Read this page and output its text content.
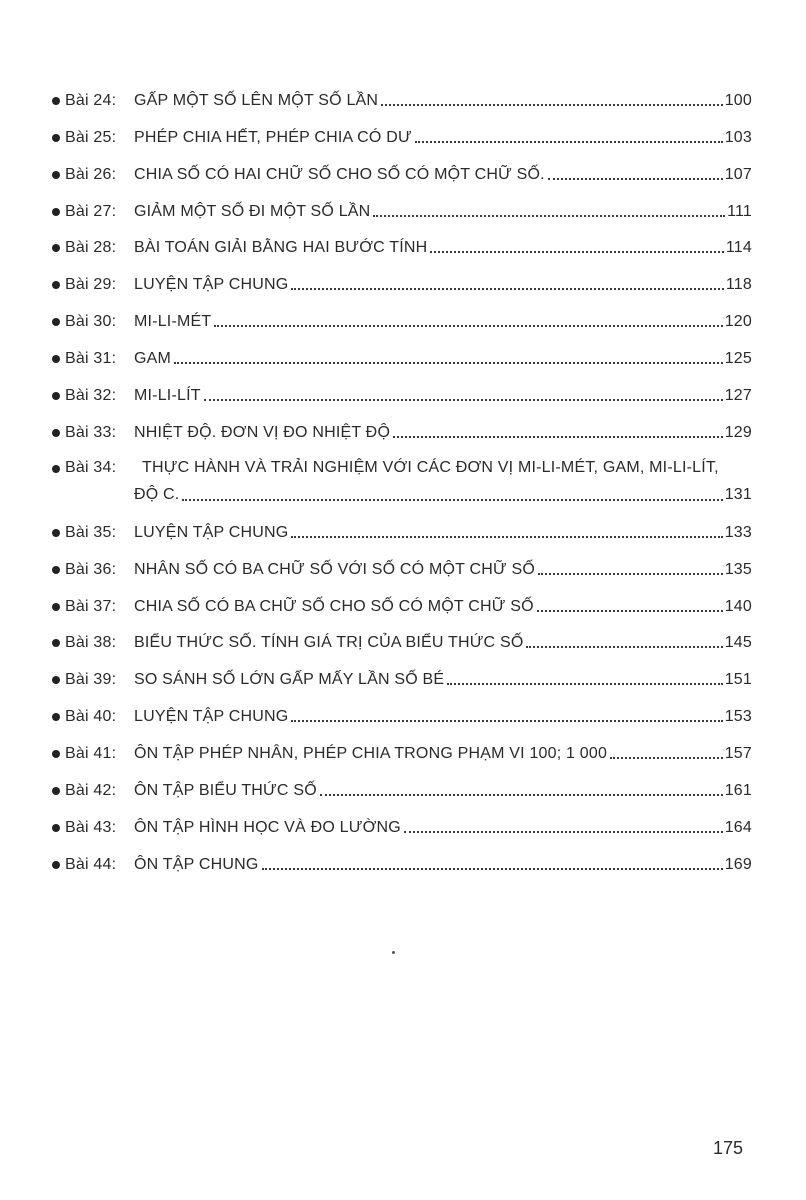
Bài 24:	GẤP MỘT SỐ LÊN MỘT SỐ LẦN	100
Bài 25:	PHÉP CHIA HẾT, PHÉP CHIA CÓ DƯ	103
Bài 26:	CHIA SỐ CÓ HAI CHỮ SỐ CHO SỐ CÓ MỘT CHỮ SỐ.	107
Bài 27:	GIẢM MỘT SỐ ĐI MỘT SỐ LẦN	111
Bài 28:	BÀI TOÁN GIẢI BẰNG HAI BƯỚC TÍNH	114
Bài 29:	LUYỆN TẬP CHUNG	118
Bài 30:	MI-LI-MÉT	120
Bài 31:	GAM	125
Bài 32:	MI-LI-LÍT	127
Bài 33:	NHIỆT ĐỘ. ĐƠN VỊ ĐO NHIỆT ĐỘ	129
Bài 34:	THỰC HÀNH VÀ TRẢI NGHIỆM VỚI CÁC ĐƠN VỊ MI-LI-MÉT, GAM, MI-LI-LÍT,
ĐỘ C.	131
Bài 35:	LUYỆN TẬP CHUNG	133
Bài 36:	NHÂN SỐ CÓ BA CHỮ SỐ VỚI SỐ CÓ MỘT CHỮ SỐ	135
Bài 37:	CHIA SỐ CÓ BA CHỮ SỐ CHO SỐ CÓ MỘT CHỮ SỐ	140
Bài 38:	BIỂU THỨC SỐ. TÍNH GIÁ TRỊ CỦA BIỂU THỨC SỐ	145
Bài 39:	SO SÁNH SỐ LỚN GẤP MẤY LẦN SỐ BÉ	151
Bài 40:	LUYỆN TẬP CHUNG	153
Bài 41:	ÔN TẬP PHÉP NHÂN, PHÉP CHIA TRONG PHẠM VI 100; 1 000	157
Bài 42:	ÔN TẬP BIỂU THỨC SỐ	161
Bài 43:	ÔN TẬP HÌNH HỌC VÀ ĐO LƯỜNG	164
Bài 44:	ÔN TẬP CHUNG	169
175
